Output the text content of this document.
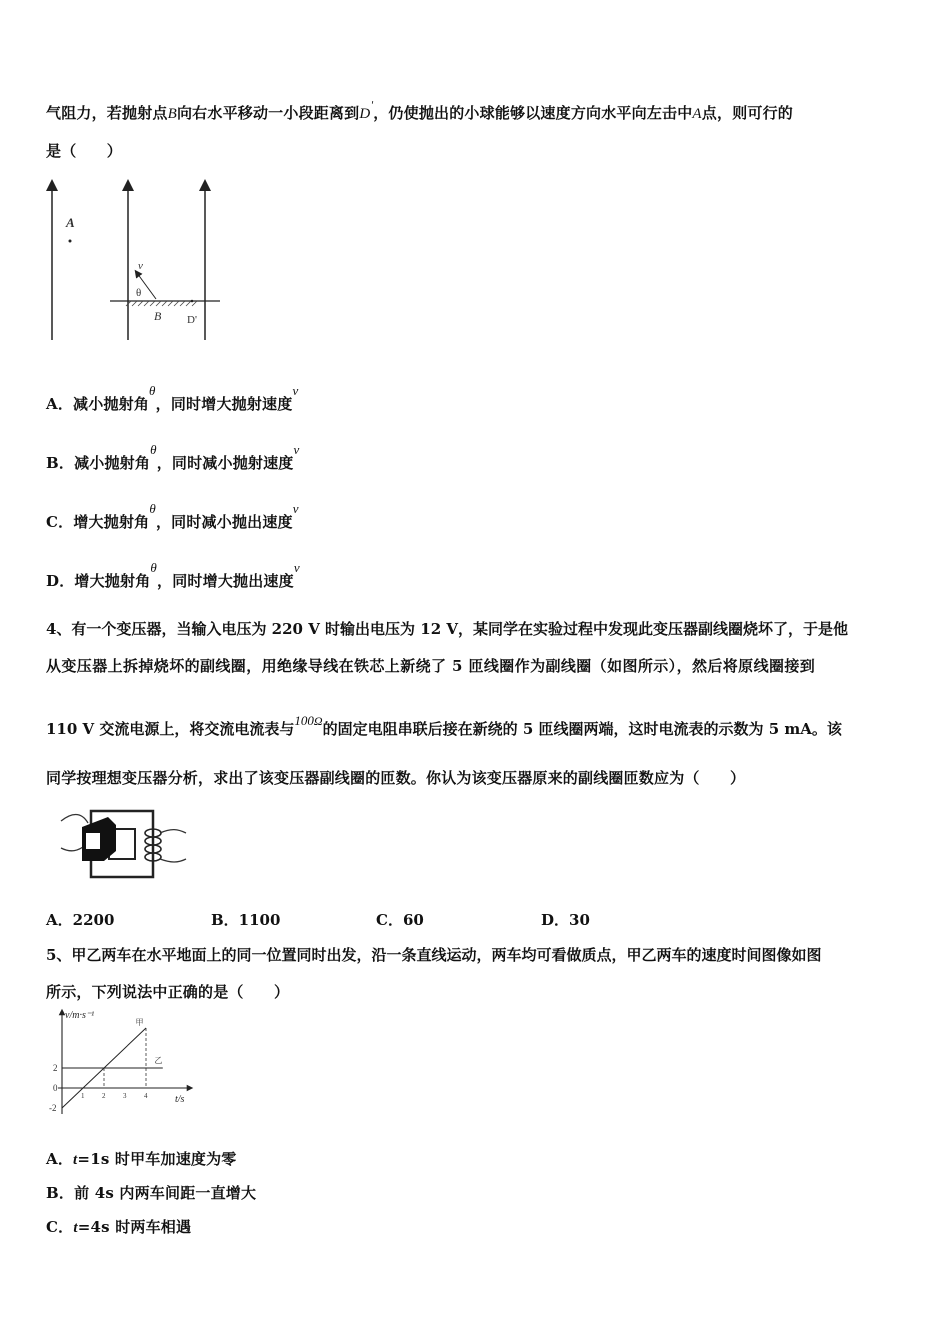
气阻力，若抛射点B向右水平移动一小段距离到$D^ʹ$，仍使抛出的小球能够以速度方向水平向左击中A点，则可行的
是（　　）
A
v
θ
B D'
A．减小抛射角θ，同时增大抛射速度v
B．减小抛射角θ，同时减小抛射速度v
C．增大抛射角θ，同时减小抛出速度v
D．增大抛射角θ，同时增大抛出速度v
4、有一个变压器，当输入电压为 220 V 时输出电压为 12 V，某同学在实验过程中发现此变压器副线圈烧坏了，于是他
从变压器上拆掉烧坏的副线圈，用绝缘导线在铁芯上新绕了 5 匝线圈作为副线圈（如图所示），然后将原线圈接到
110 V 交流电源上，将交流电流表与$100^\Omega$的固定电阻串联后接在新绕的 5 匝线圈两端，这时电流表的示数为 5 mA。该
同学按理想变压器分析，求出了该变压器副线圈的匝数。你认为该变压器原来的副线圈匝数应为（　　）
A．2200	B．1100	C．60	D．30
5、甲乙两车在水平地面上的同一位置同时出发，沿一条直线运动，两车均可看做质点，甲乙两车的速度时间图像如图
所示，下列说法中正确的是（　　）
v/m·s⁻¹
t/s
1	2	3	4
2
0
-2
甲
乙
A．t=1s 时甲车加速度为零
B．前 4s 内两车间距一直增大
C．t=4s 时两车相遇
